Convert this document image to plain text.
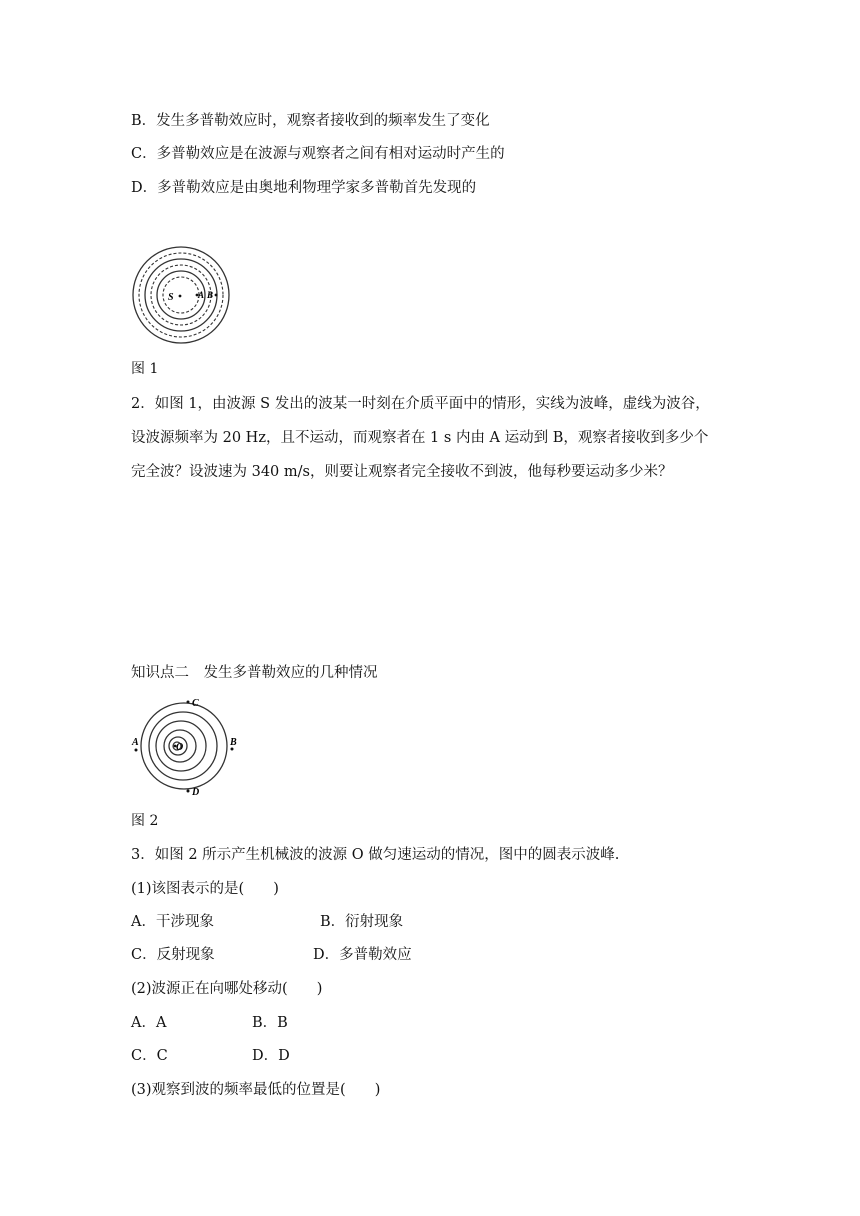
B．发生多普勒效应时，观察者接收到的频率发生了变化
C．多普勒效应是在波源与观察者之间有相对运动时产生的
D．多普勒效应是由奥地利物理学家多普勒首先发现的
S	A B
图 1
2．如图 1，由波源 S 发出的波某一时刻在介质平面中的情形，实线为波峰，虚线为波谷，
设波源频率为 20 Hz，且不运动，而观察者在 1 s 内由 A 运动到 B，观察者接收到多少个
完全波？设波速为 340 m/s，则要让观察者完全接收不到波，他每秒要运动多少米？
知识点二　发生多普勒效应的几种情况
O
C
D
A	B
图 2
3．如图 2 所示产生机械波的波源 O 做匀速运动的情况，图中的圆表示波峰.
(1)该图表示的是(　　)
A．干涉现象	B．衍射现象
C．反射现象	D．多普勒效应
(2)波源正在向哪处移动(　　)
A．A	B．B
C．C	D．D
(3)观察到波的频率最低的位置是(　　)
